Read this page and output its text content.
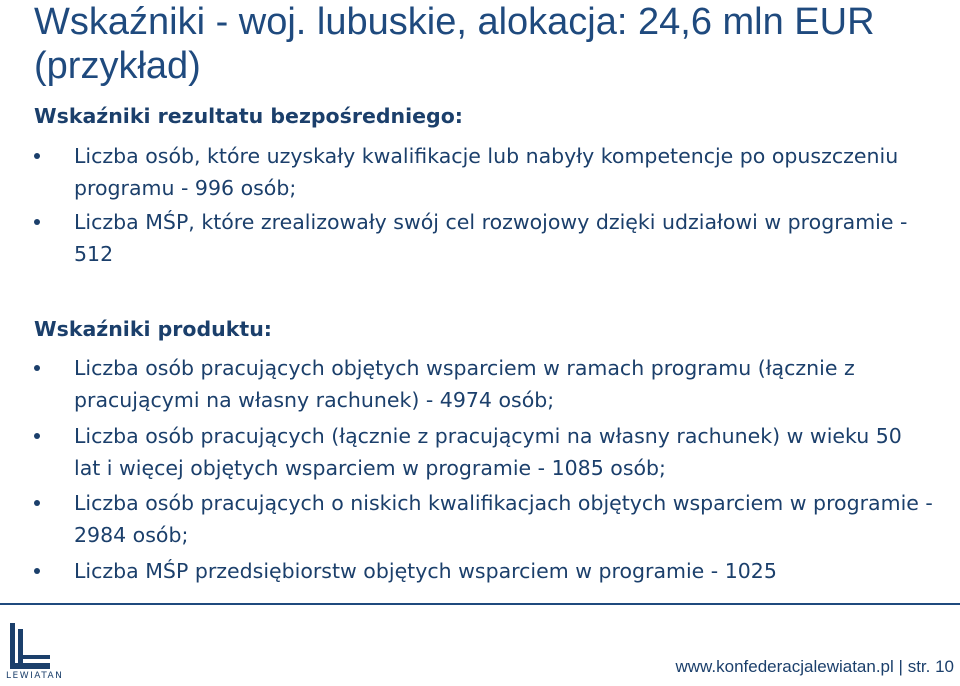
Wskaźniki - woj. lubuskie, alokacja: 24,6 mln EUR (przykład)
Wskaźniki rezultatu bezpośredniego:
Liczba osób, które uzyskały kwalifikacje lub nabyły kompetencje po opuszczeniu programu - 996 osób;
Liczba MŚP, które zrealizowały swój cel rozwojowy dzięki udziałowi w programie - 512
Wskaźniki produktu:
Liczba osób pracujących objętych wsparciem w ramach programu (łącznie z pracującymi na własny rachunek) - 4974 osób;
Liczba osób pracujących (łącznie z pracującymi na własny rachunek) w wieku 50 lat i więcej objętych wsparciem w programie - 1085 osób;
Liczba osób pracujących o niskich kwalifikacjach objętych wsparciem w programie - 2984 osób;
Liczba MŚP przedsiębiorstw objętych wsparciem w programie - 1025
LEWIATAN	www.konfederacjalewiatan.pl | str. 10
